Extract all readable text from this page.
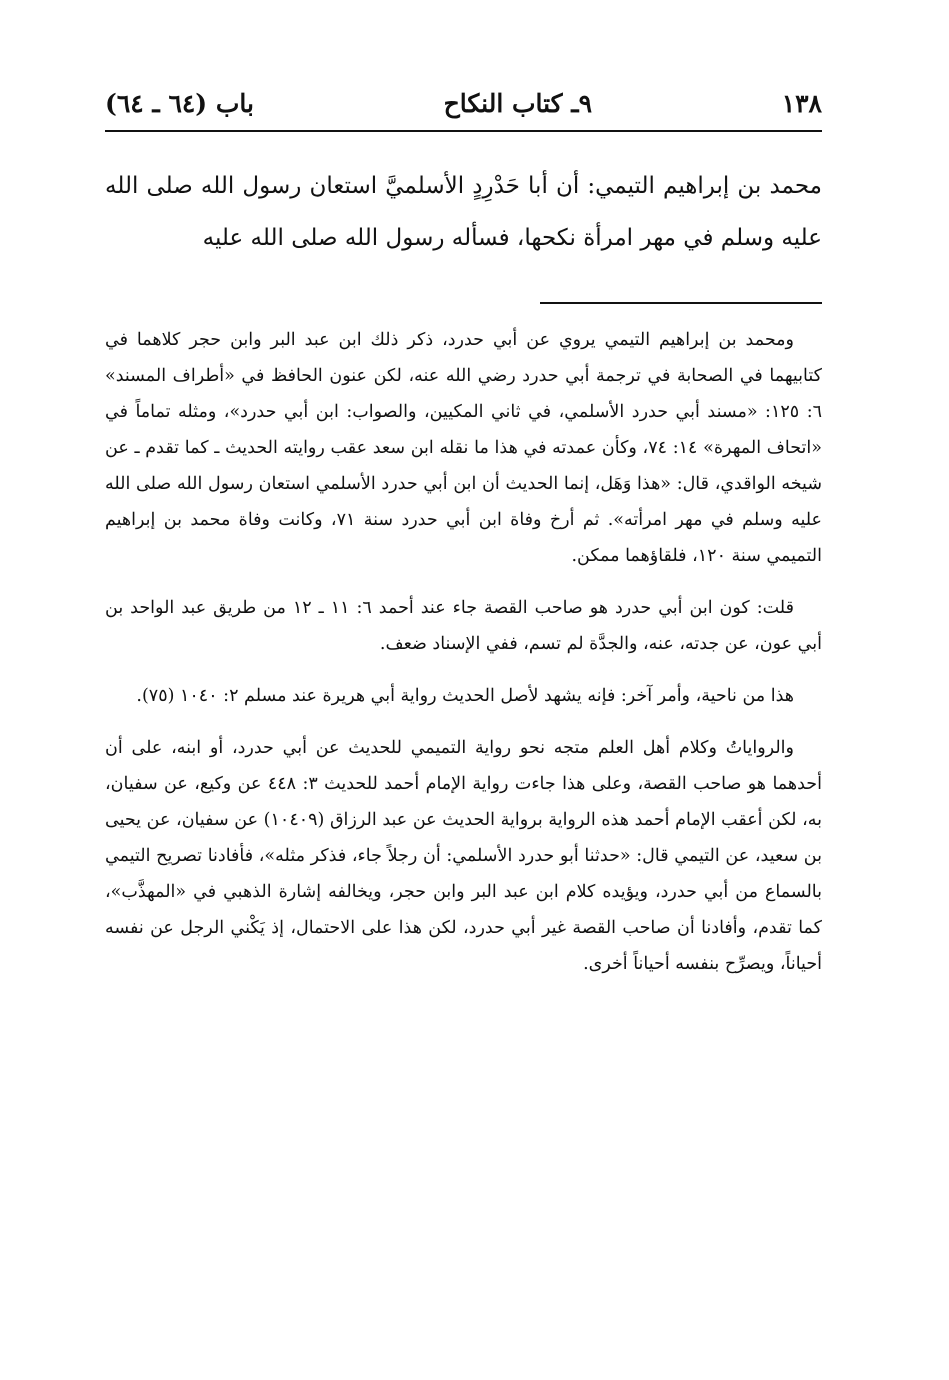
١٣٨
٩ـ كتاب النكاح
باب (٦٤ ـ ٦٤)

محمد بن إبراهيم التيمي: أن أبا حَدْرِدٍ الأسلميَّ استعان رسول الله صلى الله عليه وسلم في مهر امرأة نكحها، فسأله رسول الله صلى الله عليه

ومحمد بن إبراهيم التيمي يروي عن أبي حدرد، ذكر ذلك ابن عبد البر وابن حجر كلاهما في كتابيهما في الصحابة في ترجمة أبي حدرد رضي الله عنه، لكن عنون الحافظ في «أطراف المسند» ٦: ١٢٥: «مسند أبي حدرد الأسلمي، في ثاني المكيين، والصواب: ابن أبي حدرد»، ومثله تماماً في «اتحاف المهرة» ١٤: ٧٤، وكأن عمدته في هذا ما نقله ابن سعد عقب روايته الحديث ـ كما تقدم ـ عن شيخه الواقدي، قال: «هذا وَهَل، إنما الحديث أن ابن أبي حدرد الأسلمي استعان رسول الله صلى الله عليه وسلم في مهر امرأته». ثم أرخ وفاة ابن أبي حدرد سنة ٧١، وكانت وفاة محمد بن إبراهيم التميمي سنة ١٢٠، فلقاؤهما ممكن.

قلت: كون ابن أبي حدرد هو صاحب القصة جاء عند أحمد ٦: ١١ ـ ١٢ من طريق عبد الواحد بن أبي عون، عن جدته، عنه، والجدَّة لم تسم، ففي الإسناد ضعف.

هذا من ناحية، وأمر آخر: فإنه يشهد لأصل الحديث رواية أبي هريرة عند مسلم ٢: ١٠٤٠ (٧٥).

والرواياتُ وكلام أهل العلم متجه نحو رواية التميمي للحديث عن أبي حدرد، أو ابنه، على أن أحدهما هو صاحب القصة، وعلى هذا جاءت رواية الإمام أحمد للحديث ٣: ٤٤٨ عن وكيع، عن سفيان، به، لكن أعقب الإمام أحمد هذه الرواية برواية الحديث عن عبد الرزاق (١٠٤٠٩) عن سفيان، عن يحيى بن سعيد، عن التيمي قال: «حدثنا أبو حدرد الأسلمي: أن رجلاً جاء، فذكر مثله»، فأفادنا تصريح التيمي بالسماع من أبي حدرد، ويؤيده كلام ابن عبد البر وابن حجر، ويخالفه إشارة الذهبي في «المهذَّب»، كما تقدم، وأفادنا أن صاحب القصة غير أبي حدرد، لكن هذا على الاحتمال، إذ يَكْني الرجل عن نفسه أحياناً، ويصرِّح بنفسه أحياناً أخرى.
